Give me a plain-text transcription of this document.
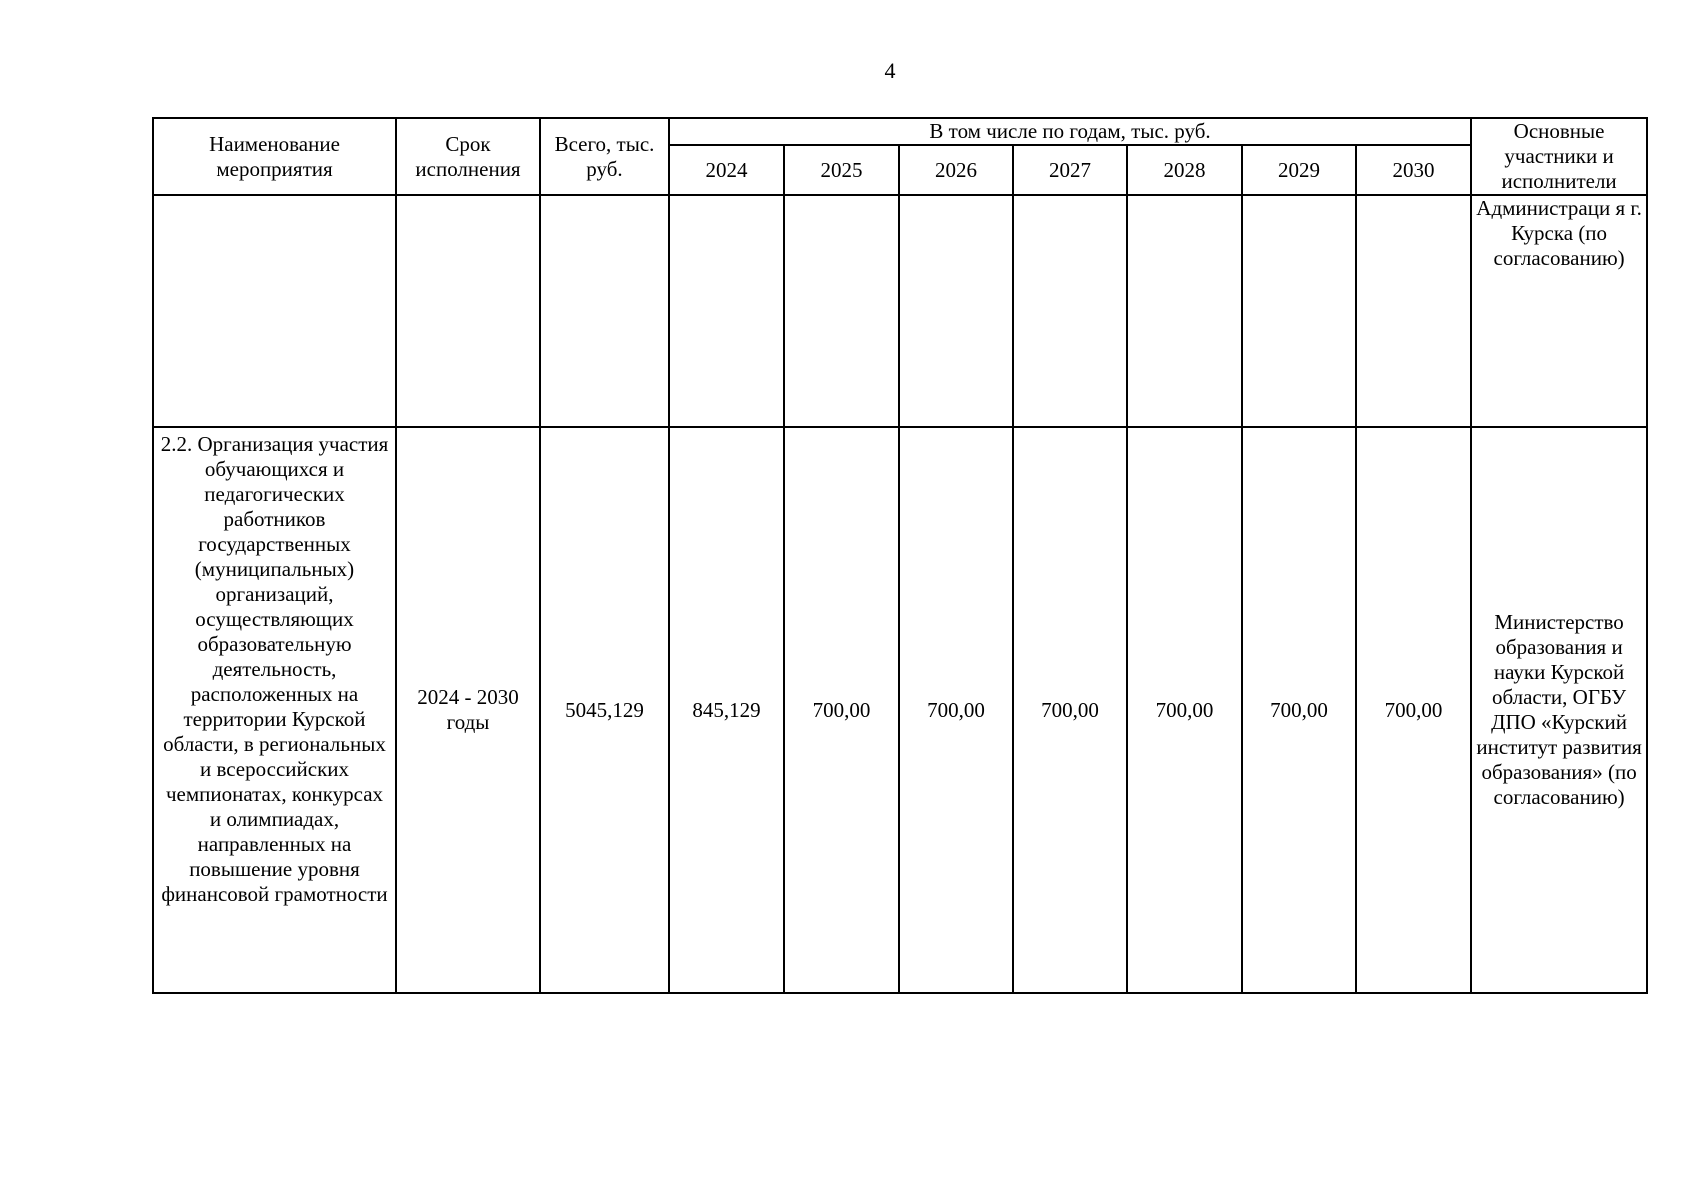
4
Наименование мероприятия	Срок исполнения	Всего, тыс. руб.	В том числе по годам, тыс. руб.							Основные участники и исполнители
			2024	2025	2026	2027	2028	2029	2030	
										Администраци я г. Курска (по согласованию)
2.2. Организация участия обучающихся и педагогических работников государственных (муниципальных) организаций, осуществляющих образовательную деятельность, расположенных на территории Курской области, в региональных и всероссийских чемпионатах, конкурсах и олимпиадах, направленных на повышение уровня финансовой грамотности	2024 - 2030 годы	5045,129	845,129	700,00	700,00	700,00	700,00	700,00	700,00	Министерство образования и науки Курской области, ОГБУ ДПО «Курский институт развития образования» (по согласованию)
